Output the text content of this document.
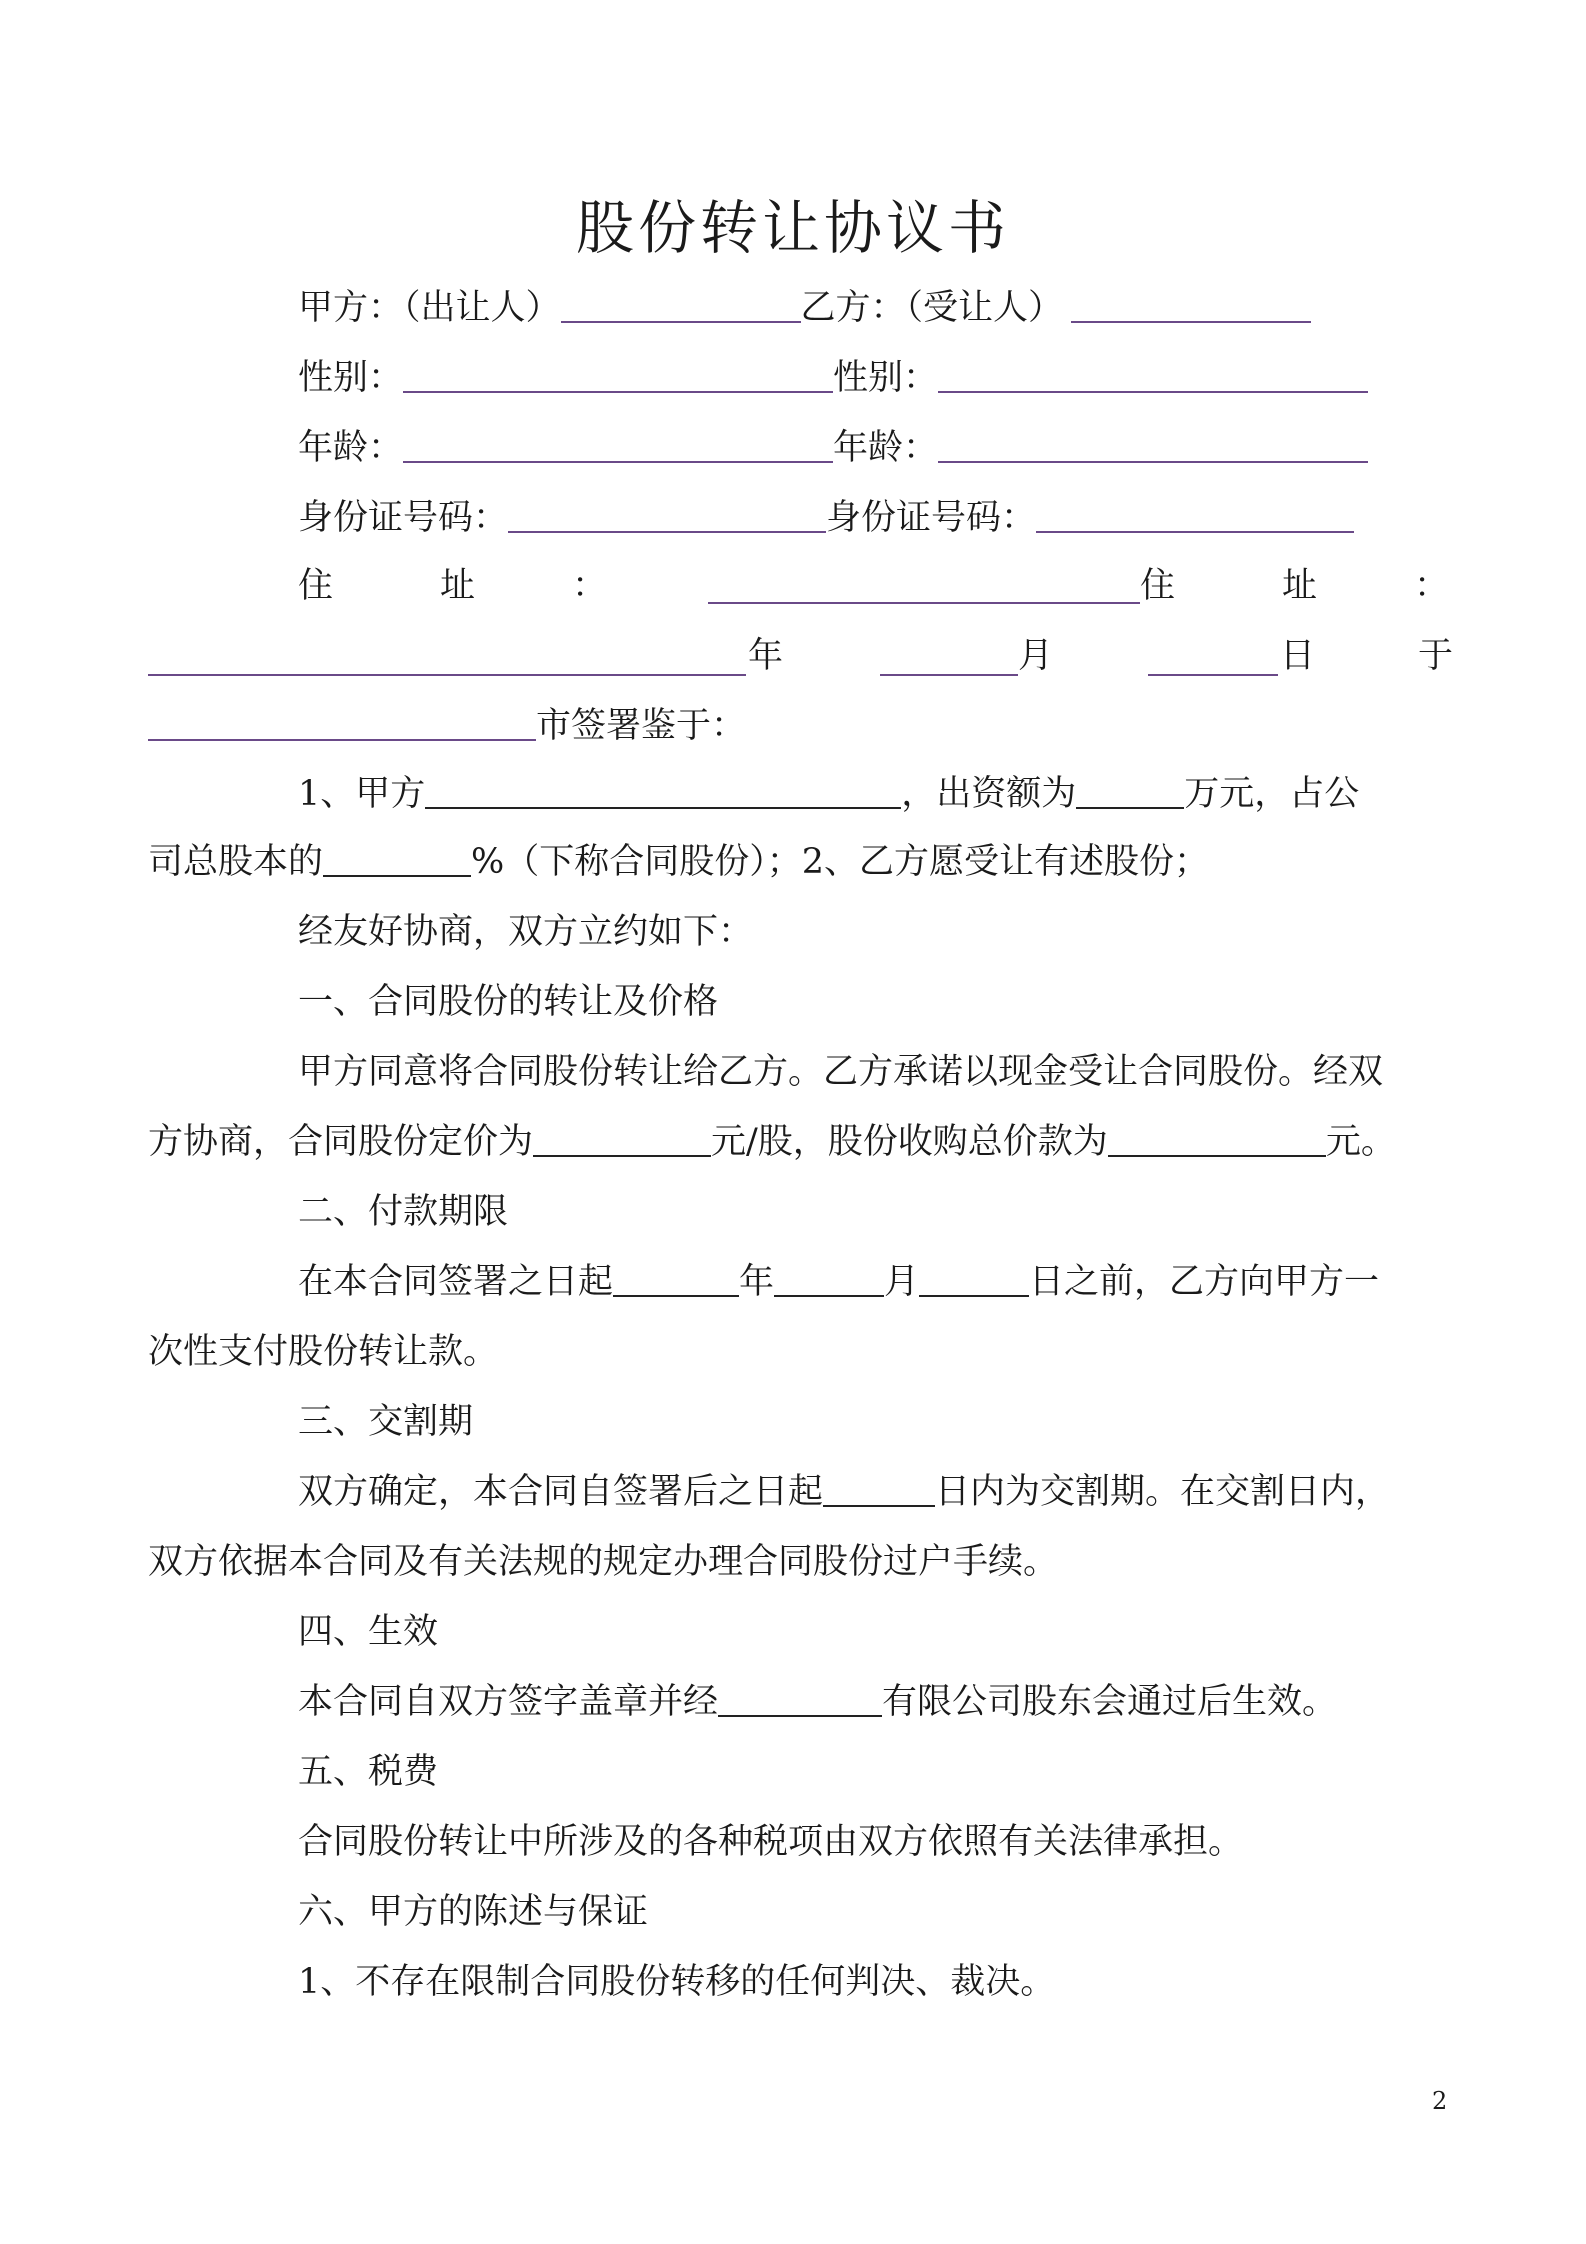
股份转让协议书
甲方：（出让人）	乙方：（受让人）
性别：	性别：
年龄：	年龄：
身份证号码：	身份证号码：
住	址	：	住	址	：
年	月	日	于
市签署鉴于：
1、甲方	，出资额为	万元，占公
司总股本的	%（下称合同股份）；2、乙方愿受让有述股份；
经友好协商，双方立约如下：
一、合同股份的转让及价格
甲方同意将合同股份转让给乙方。乙方承诺以现金受让合同股份。经双
方协商，合同股份定价为	元/股，股份收购总价款为	元。
二、付款期限
在本合同签署之日起	年	月	日之前，乙方向甲方一
次性支付股份转让款。
三、交割期
双方确定，本合同自签署后之日起	日内为交割期。在交割日内，
双方依据本合同及有关法规的规定办理合同股份过户手续。
四、生效
本合同自双方签字盖章并经	有限公司股东会通过后生效。
五、税费
合同股份转让中所涉及的各种税项由双方依照有关法律承担。
六、甲方的陈述与保证
1、不存在限制合同股份转移的任何判决、裁决。
2
